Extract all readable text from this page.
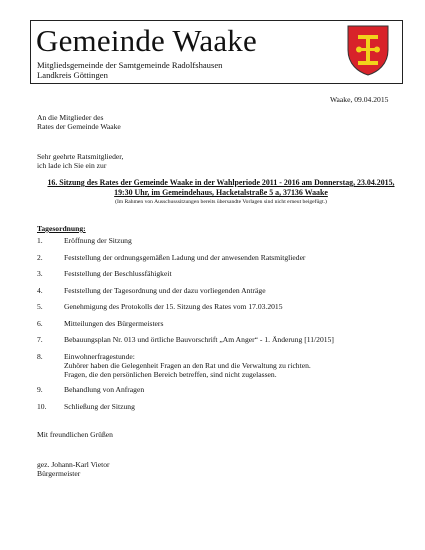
Gemeinde Waake
Mitgliedsgemeinde der Samtgemeinde Radolfshausen
Landkreis Göttingen
Waake, 09.04.2015
An die Mitglieder des
Rates der Gemeinde Waake
Sehr geehrte Ratsmitglieder,
ich lade ich Sie ein zur
16. Sitzung des Rates der Gemeinde Waake in der Wahlperiode 2011 - 2016 am Donnerstag, 23.04.2015,
19:30 Uhr, im Gemeindehaus, Hacketalstraße 5 a, 37136 Waake
(Im Rahmen von Ausschusssitzungen bereits übersandte Vorlagen sind nicht erneut beigefügt.)
Tagesordnung:
1.	Eröffnung der Sitzung
2.	Feststellung der ordnungsgemäßen Ladung und der anwesenden Ratsmitglieder
3.	Feststellung der Beschlussfähigkeit
4.	Feststellung der Tagesordnung und der dazu vorliegenden Anträge
5.	Genehmigung des Protokolls der 15. Sitzung des Rates vom 17.03.2015
6.	Mitteilungen des Bürgermeisters
7.	Bebauungsplan Nr. 013 und örtliche Bauvorschrift „Am Anger“ - 1. Änderung [11/2015]
8.	Einwohnerfragestunde:
Zuhörer haben die Gelegenheit Fragen an den Rat und die Verwaltung zu richten.
Fragen, die den persönlichen Bereich betreffen, sind nicht zugelassen.
9.	Behandlung von Anfragen
10. Schließung der Sitzung
Mit freundlichen Grüßen
gez. Johann-Karl Vietor
Bürgermeister
